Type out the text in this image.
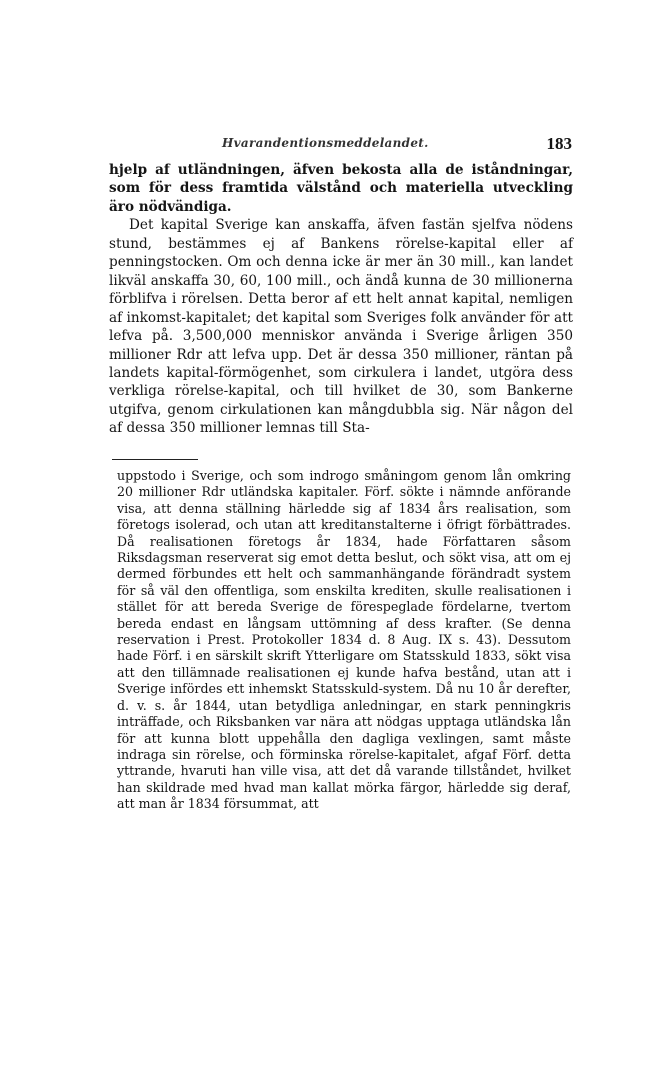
Hvarandentionsmeddelandet.	183

hjelp af utländningen, äfven bekosta alla de iståndningar, som för dess framtida välstånd och materiella utveckling äro nödvändiga.

Det kapital Sverige kan anskaffa, äfven fastän sjelfva nödens stund, bestämmes ej af Bankens rörelse-kapital eller af penningstocken. Om och denna icke är mer än 30 mill., kan landet likväl anskaffa 30, 60, 100 mill., och ändå kunna de 30 millionerna förblifva i rörelsen. Detta beror af ett helt annat kapital, nemligen af inkomst-kapitalet; det kapital som Sveriges folk använder för att lefva på. 3,500,000 menniskor använda i Sverige årligen 350 millioner Rdr att lefva upp. Det är dessa 350 millioner, räntan på landets kapital-förmögenhet, som cirkulera i landet, utgöra dess verkliga rörelse-kapital, och till hvilket de 30, som Bankerne utgifva, genom cirkulationen kan mångdubbla sig. När någon del af dessa 350 millioner lemnas till Sta-

uppstodo i Sverige, och som indrogo småningom genom lån omkring 20 millioner Rdr utländska kapitaler. Förf. sökte i nämnde anförande visa, att denna ställning härledde sig af 1834 års realisation, som företogs isolerad, och utan att kreditanstalterne i öfrigt förbättrades. Då realisationen företogs år 1834, hade Författaren såsom Riksdagsman reserverat sig emot detta beslut, och sökt visa, att om ej dermed förbundes ett helt och sammanhängande förändradt system för så väl den offentliga, som enskilta krediten, skulle realisationen i stället för att bereda Sverige de förespeglade fördelarne, tvertom bereda endast en långsam uttömning af dess krafter. (Se denna reservation i Prest. Protokoller 1834 d. 8 Aug. IX s. 43). Dessutom hade Förf. i en särskilt skrift Ytterligare om Statsskuld 1833, sökt visa att den tillämnade realisationen ej kunde hafva bestånd, utan att i Sverige infördes ett inhemskt Statsskuld-system. Då nu 10 år derefter, d. v. s. år 1844, utan betydliga anledningar, en stark penningkris inträffade, och Riksbanken var nära att nödgas upptaga utländska lån för att kunna blott uppehålla den dagliga vexlingen, samt måste indraga sin rörelse, och förminska rörelse-kapitalet, afgaf Förf. detta yttrande, hvaruti han ville visa, att det då varande tillståndet, hvilket han skildrade med hvad man kallat mörka färgor, härledde sig deraf, att man år 1834 försummat, att
